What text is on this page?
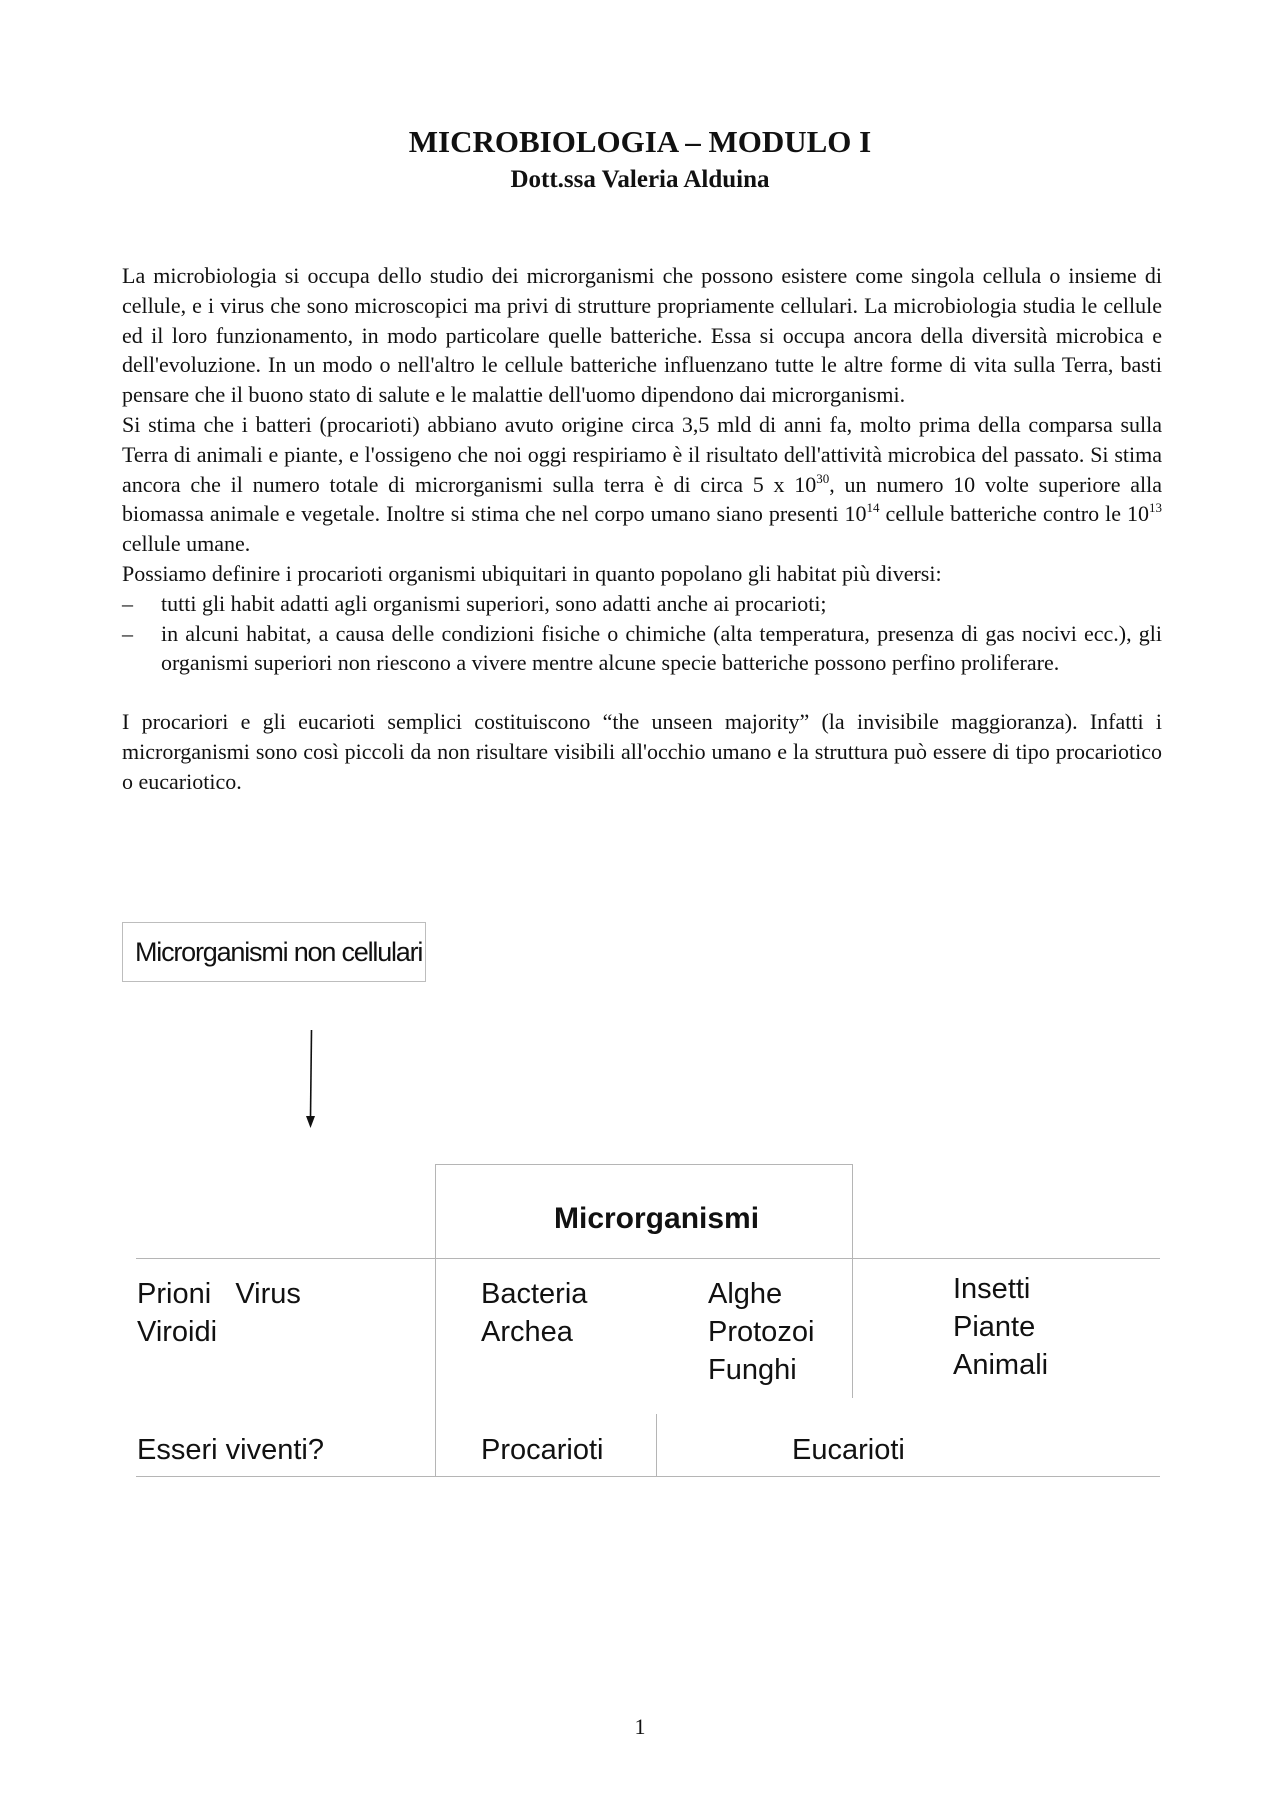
MICROBIOLOGIA – MODULO I
Dott.ssa Valeria Alduina

La microbiologia si occupa dello studio dei microrganismi che possono esistere come singola cellula o insieme di cellule, e i virus che sono microscopici ma privi di strutture propriamente cellulari. La microbiologia studia le cellule ed il loro funzionamento, in modo particolare quelle batteriche. Essa si occupa ancora della diversità microbica e dell'evoluzione. In un modo o nell'altro le cellule batteriche influenzano tutte le altre forme di vita sulla Terra, basti pensare che il buono stato di salute e le malattie dell'uomo dipendono dai microrganismi.

Si stima che i batteri (procarioti) abbiano avuto origine circa 3,5 mld di anni fa, molto prima della comparsa sulla Terra di animali e piante, e l'ossigeno che noi oggi respiriamo è il risultato dell'attività microbica del passato. Si stima ancora che il numero totale di microrganismi sulla terra è di circa 5 x $10^{30}$, un numero 10 volte superiore alla biomassa animale e vegetale. Inoltre si stima che nel corpo umano siano presenti $10^{14}$ cellule batteriche contro le $10^{13}$ cellule umane.

Possiamo definire i procarioti organismi ubiquitari in quanto popolano gli habitat più diversi:

– tutti gli habit adatti agli organismi superiori, sono adatti anche ai procarioti;
– in alcuni habitat, a causa delle condizioni fisiche o chimiche (alta temperatura, presenza di gas nocivi ecc.), gli organismi superiori non riescono a vivere mentre alcune specie batteriche possono perfino proliferare.

I procariori e gli eucarioti semplici costituiscono “the unseen majority” (la invisibile maggioranza). Infatti i microrganismi sono così piccoli da non risultare visibili all'occhio umano e la struttura può essere di tipo procariotico o eucariotico.

Microrganismi non cellulari
Microrganismi
Prioni   Virus
Viroidi
Bacteria
Archea
Alghe
Protozoi
Funghi
Insetti
Piante
Animali
Esseri viventi?	Procarioti	Eucarioti
1
